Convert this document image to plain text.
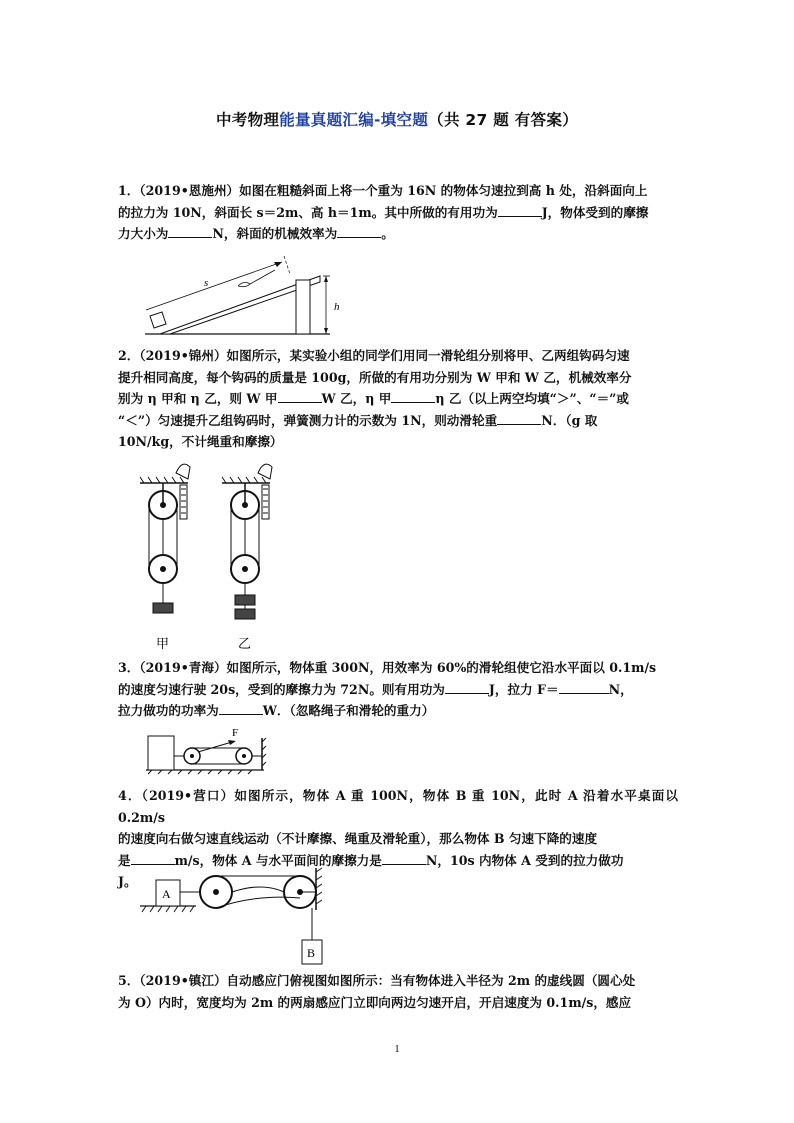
中考物理能量真题汇编-填空题（共 27 题 有答案）

1．（2019•恩施州）如图在粗糙斜面上将一个重为 16N 的物体匀速拉到高 h 处，沿斜面向上

的拉力为 10N，斜面长 s＝2m、高 h＝1m。其中所做的有用功为	J，物体受到的摩擦

力大小为	N，斜面的机械效率为	。

s
h

2．（2019•锦州）如图所示，某实验小组的同学们用同一滑轮组分别将甲、乙两组钩码匀速

提升相同高度，每个钩码的质量是 100g，所做的有用功分别为 W 甲和 W 乙，机械效率分

别为 η 甲和 η 乙，则 W 甲	W 乙，η 甲	η 乙（以上两空均填“＞”、“＝”或

“＜”）匀速提升乙组钩码时，弹簧测力计的示数为 1N，则动滑轮重	N．（g 取

10N/kg，不计绳重和摩擦）

甲	乙

3．（2019•青海）如图所示，物体重 300N，用效率为 60%的滑轮组使它沿水平面以 0.1m/s

的速度匀速行驶 20s，受到的摩擦力为 72N。则有用功为	J，拉力 F＝	N，

拉力做功的功率为	W．（忽略绳子和滑轮的重力）

F

4．（2019•营口）如图所示，物体 A 重 100N，物体 B 重 10N，此时 A 沿着水平桌面以 0.2m/s

的速度向右做匀速直线运动（不计摩擦、绳重及滑轮重），那么物体 B 匀速下降的速度

是	m/s，物体 A 与水平面间的摩擦力是	N，10s 内物体 A 受到的拉力做功

J。

A
B

5．（2019•镇江）自动感应门俯视图如图所示：当有物体进入半径为 2m 的虚线圆（圆心处

为 O）内时，宽度均为 2m 的两扇感应门立即向两边匀速开启，开启速度为 0.1m/s，感应

1
